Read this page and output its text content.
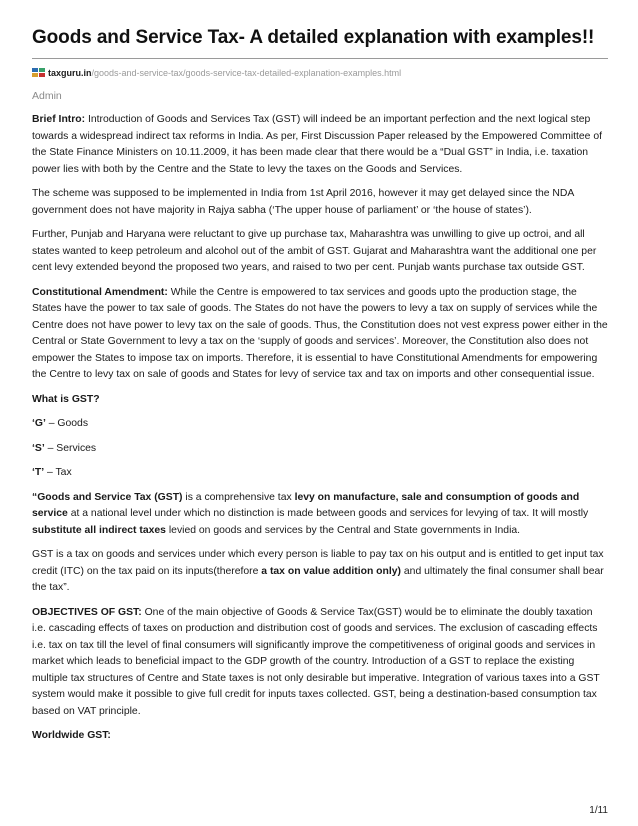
Goods and Service Tax- A detailed explanation with examples!!
taxguru.in /goods-and-service-tax/goods-service-tax-detailed-explanation-examples.html
Admin

Brief Intro: Introduction of Goods and Services Tax (GST) will indeed be an important perfection and the next logical step towards a widespread indirect tax reforms in India. As per, First Discussion Paper released by the Empowered Committee of the State Finance Ministers on 10.11.2009, it has been made clear that there would be a “Dual GST” in India, i.e. taxation power lies with both by the Centre and the State to levy the taxes on the Goods and Services.

The scheme was supposed to be implemented in India from 1st April 2016, however it may get delayed since the NDA government does not have majority in Rajya sabha (‘The upper house of parliament’ or ‘the house of states’).

Further, Punjab and Haryana were reluctant to give up purchase tax, Maharashtra was unwilling to give up octroi, and all states wanted to keep petroleum and alcohol out of the ambit of GST. Gujarat and Maharashtra want the additional one per cent levy extended beyond the proposed two years, and raised to two per cent. Punjab wants purchase tax outside GST.

Constitutional Amendment: While the Centre is empowered to tax services and goods upto the production stage, the States have the power to tax sale of goods. The States do not have the powers to levy a tax on supply of services while the Centre does not have power to levy tax on the sale of goods. Thus, the Constitution does not vest express power either in the Central or State Government to levy a tax on the ‘supply of goods and services’. Moreover, the Constitution also does not empower the States to impose tax on imports. Therefore, it is essential to have Constitutional Amendments for empowering the Centre to levy tax on sale of goods and States for levy of service tax and tax on imports and other consequential issue.

What is GST?

‘G’ – Goods

‘S’ – Services

‘T’ – Tax

“Goods and Service Tax (GST) is a comprehensive tax levy on manufacture, sale and consumption of goods and service at a national level under which no distinction is made between goods and services for levying of tax. It will mostly substitute all indirect taxes levied on goods and services by the Central and State governments in India.

GST is a tax on goods and services under which every person is liable to pay tax on his output and is entitled to get input tax credit (ITC) on the tax paid on its inputs(therefore a tax on value addition only) and ultimately the final consumer shall bear the tax”.

OBJECTIVES OF GST: One of the main objective of Goods & Service Tax(GST) would be to eliminate the doubly taxation i.e. cascading effects of taxes on production and distribution cost of goods and services. The exclusion of cascading effects i.e. tax on tax till the level of final consumers will significantly improve the competitiveness of original goods and services in market which leads to beneficial impact to the GDP growth of the country. Introduction of a GST to replace the existing multiple tax structures of Centre and State taxes is not only desirable but imperative. Integration of various taxes into a GST system would make it possible to give full credit for inputs taxes collected. GST, being a destination-based consumption tax based on VAT principle.

Worldwide GST:

1/11
